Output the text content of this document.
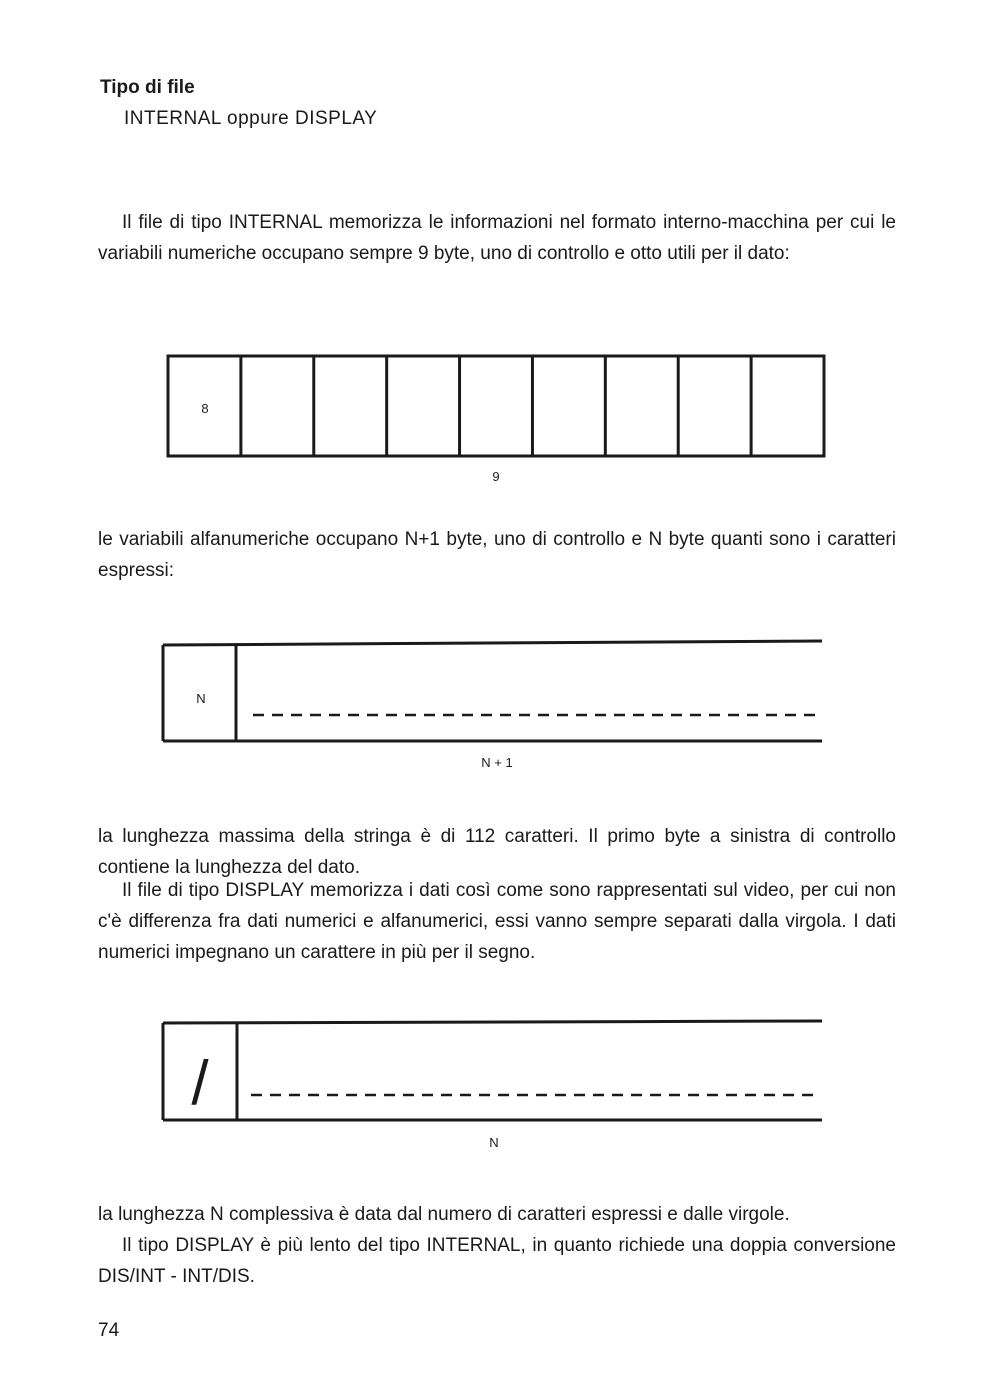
Tipo di file

INTERNAL oppure DISPLAY

Il file di tipo INTERNAL memorizza le informazioni nel formato interno-macchina per cui le variabili numeriche occupano sempre 9 byte, uno di controllo e otto utili per il dato:

8
9

le variabili alfanumeriche occupano N+1 byte, uno di controllo e N byte quanti sono i caratteri espressi:

N
N + 1

la lunghezza massima della stringa è di 112 caratteri. Il primo byte a sinistra di controllo contiene la lunghezza del dato.

Il file di tipo DISPLAY memorizza i dati così come sono rappresentati sul video, per cui non c'è differenza fra dati numerici e alfanumerici, essi vanno sempre separati dalla virgola. I dati numerici impegnano un carattere in più per il segno.

/
N

la lunghezza N complessiva è data dal numero di caratteri espressi e dalle virgole.

Il tipo DISPLAY è più lento del tipo INTERNAL, in quanto richiede una doppia conversione DIS/INT - INT/DIS.

74
